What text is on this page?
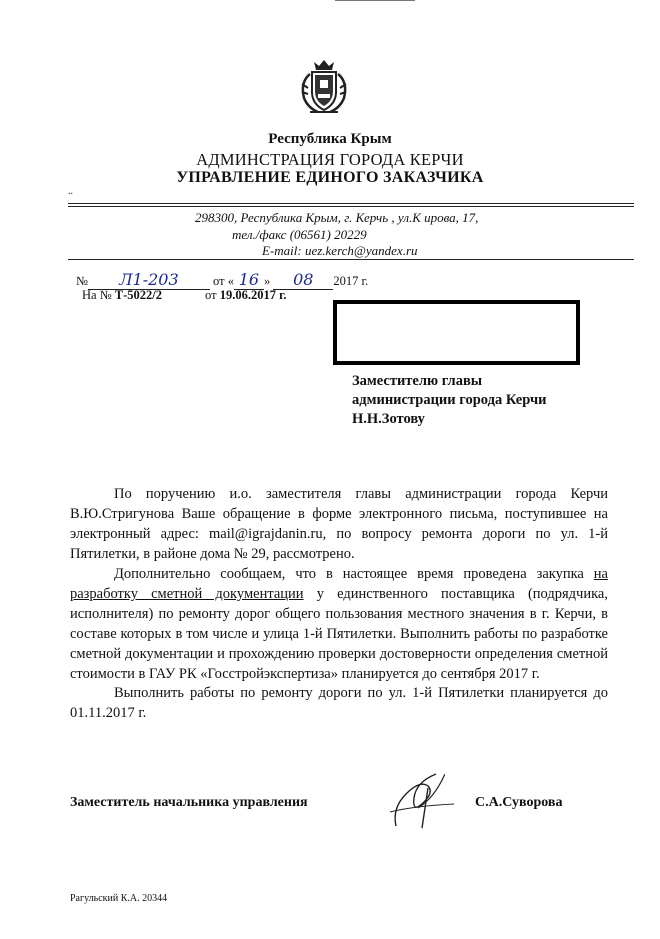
Республика Крым
АДМИНСТРАЦИЯ ГОРОДА КЕРЧИ
УПРАВЛЕНИЕ ЕДИНОГО ЗАКАЗЧИКА
..
298300, Республика Крым, г. Керчь , ул.К ирова, 17,
тел./факс (06561) 20229
E-mail: uez.kerch@yandex.ru
№ Л1-203	от « 16 » 08 2017 г.
На № Т-5022/2	от 19.06.2017 г.
Заместителю главы
администрации города Керчи
Н.Н.Зотову
По поручению и.о. заместителя главы администрации города Керчи В.Ю.Стригунова Ваше обращение в форме электронного письма, поступившее на электронный адрес: mail@igrajdanin.ru, по вопросу ремонта дороги по ул. 1-й Пятилетки, в районе дома № 29, рассмотрено.
Дополнительно сообщаем, что в настоящее время проведена закупка на разработку сметной документации у единственного поставщика (подрядчика, исполнителя) по ремонту дорог общего пользования местного значения в г. Керчи, в составе которых в том числе и улица 1-й Пятилетки. Выполнить работы по разработке сметной документации и прохождению проверки достоверности определения сметной стоимости в ГАУ РК «Госстройэкспертиза» планируется до сентября 2017 г.
Выполнить работы по ремонту дороги по ул. 1-й Пятилетки планируется до 01.11.2017 г.
Заместитель начальника управления	С.А.Суворова
Рагульский К.А. 20344
